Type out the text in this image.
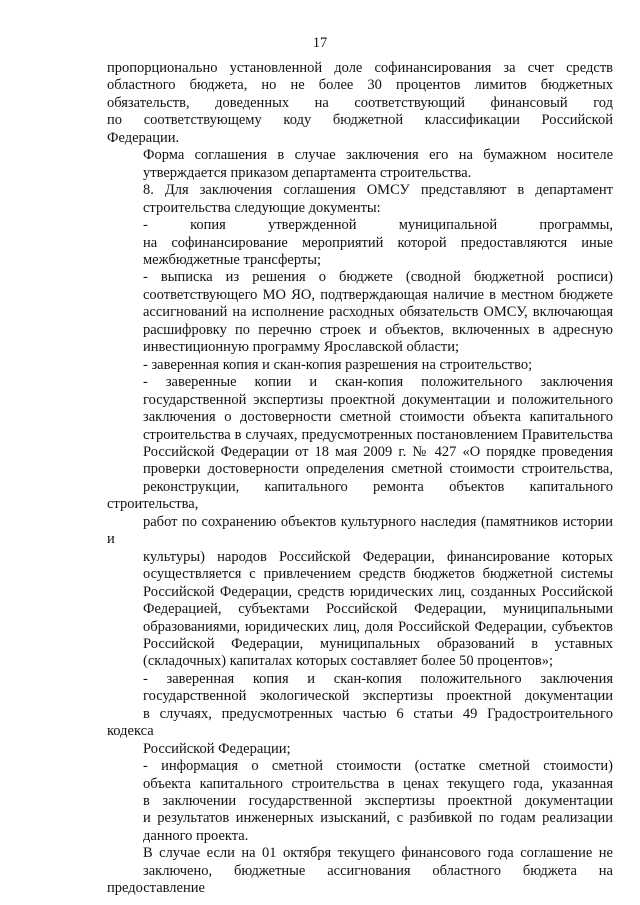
17

пропорционально установленной доле софинансирования за счет средств
областного бюджета, но не более 30 процентов лимитов бюджетных
обязательств, доведенных на соответствующий финансовый год
по соответствующему коду бюджетной классификации Российской
Федерации.

Форма соглашения в случае заключения его на бумажном носителе
утверждается приказом департамента строительства.

8. Для заключения соглашения ОМСУ представляют в департамент
строительства следующие документы:

- копия утвержденной муниципальной программы,
на софинансирование мероприятий которой предоставляются иные
межбюджетные трансферты;

- выписка из решения о бюджете (сводной бюджетной росписи)
соответствующего МО ЯО, подтверждающая наличие в местном бюджете
ассигнований на исполнение расходных обязательств ОМСУ, включающая
расшифровку по перечню строек и объектов, включенных в адресную
инвестиционную программу Ярославской области;

- заверенная копия и скан-копия разрешения на строительство;

- заверенные копии и скан-копия положительного заключения
государственной экспертизы проектной документации и положительного
заключения о достоверности сметной стоимости объекта капитального
строительства в случаях, предусмотренных постановлением Правительства
Российской Федерации от 18 мая 2009 г. № 427 «О порядке проведения
проверки достоверности определения сметной стоимости строительства,
реконструкции, капитального ремонта объектов капитального строительства,
работ по сохранению объектов культурного наследия (памятников истории и
культуры) народов Российской Федерации, финансирование которых
осуществляется с привлечением средств бюджетов бюджетной системы
Российской Федерации, средств юридических лиц, созданных Российской
Федерацией, субъектами Российской Федерации, муниципальными
образованиями, юридических лиц, доля Российской Федерации, субъектов
Российской Федерации, муниципальных образований в уставных
(складочных) капиталах которых составляет более 50 процентов»;

- заверенная копия и скан-копия положительного заключения
государственной экологической экспертизы проектной документации
в случаях, предусмотренных частью 6 статьи 49 Градостроительного кодекса
Российской Федерации;

- информация о сметной стоимости (остатке сметной стоимости)
объекта капитального строительства в ценах текущего года, указанная
в заключении государственной экспертизы проектной документации
и результатов инженерных изысканий, с разбивкой по годам реализации
данного проекта.

В случае если на 01 октября текущего финансового года соглашение не
заключено, бюджетные ассигнования областного бюджета на предоставление
